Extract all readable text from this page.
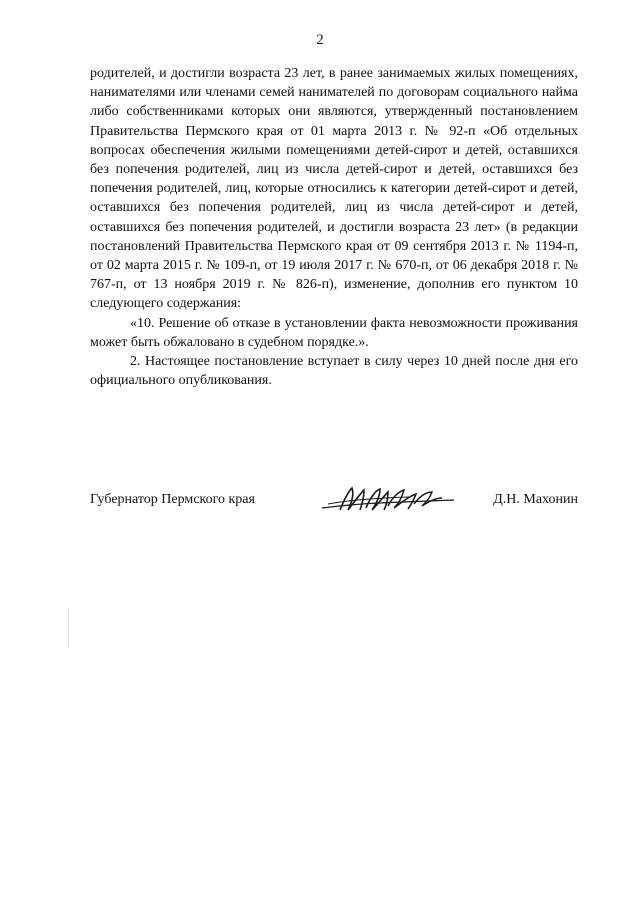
2

родителей, и достигли возраста 23 лет, в ранее занимаемых жилых помещениях, нанимателями или членами семей нанимателей по договорам социального найма либо собственниками которых они являются, утвержденный постановлением Правительства Пермского края от 01 марта 2013 г. № 92-п «Об отдельных вопросах обеспечения жилыми помещениями детей-сирот и детей, оставшихся без попечения родителей, лиц из числа детей-сирот и детей, оставшихся без попечения родителей, лиц, которые относились к категории детей-сирот и детей, оставшихся без попечения родителей, лиц из числа детей-сирот и детей, оставшихся без попечения родителей, и достигли возраста 23 лет» (в редакции постановлений Правительства Пермского края от 09 сентября 2013 г. № 1194-п, от 02 марта 2015 г. № 109-п, от 19 июля 2017 г. № 670-п, от 06 декабря 2018 г. № 767-п, от 13 ноября 2019 г. № 826-п), изменение, дополнив его пунктом 10 следующего содержания:

«10. Решение об отказе в установлении факта невозможности проживания может быть обжаловано в судебном порядке.».

2. Настоящее постановление вступает в силу через 10 дней после дня его официального опубликования.

Губернатор Пермского края	Д.Н. Махонин
